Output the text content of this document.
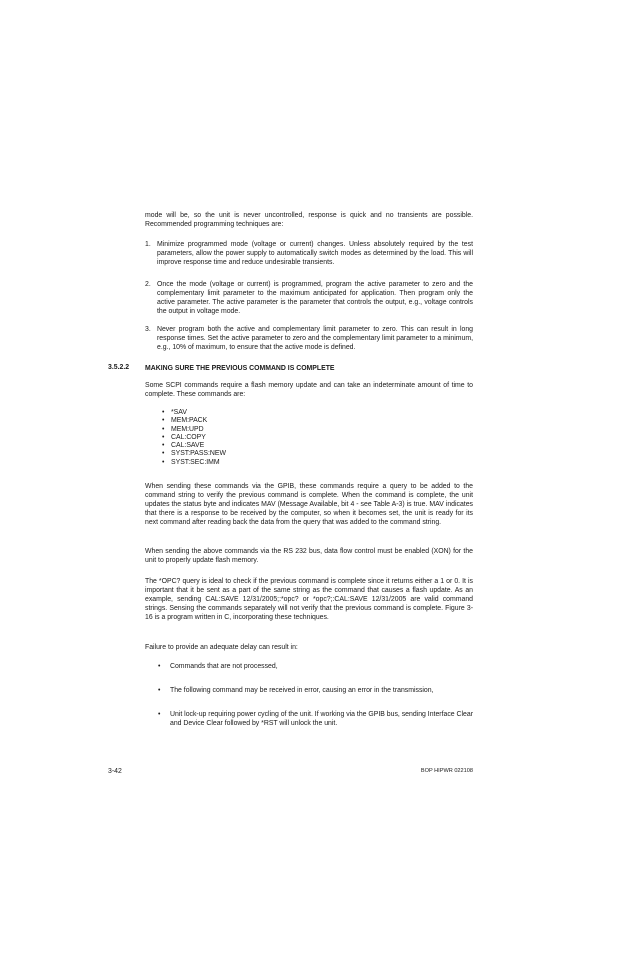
mode will be, so the unit is never uncontrolled, response is quick and no transients are possible. Recommended programming techniques are:

1. Minimize programmed mode (voltage or current) changes. Unless absolutely required by the test parameters, allow the power supply to automatically switch modes as determined by the load. This will improve response time and reduce undesirable transients.
2. Once the mode (voltage or current) is programmed, program the active parameter to zero and the complementary limit parameter to the maximum anticipated for application. Then program only the active parameter. The active parameter is the parameter that controls the output, e.g., voltage controls the output in voltage mode.
3. Never program both the active and complementary limit parameter to zero. This can result in long response times. Set the active parameter to zero and the complementary limit parameter to a minimum, e.g., 10% of maximum, to ensure that the active mode is defined.
3.5.2.2 MAKING SURE THE PREVIOUS COMMAND IS COMPLETE

Some SCPI commands require a flash memory update and can take an indeterminate amount of time to complete. These commands are:

• *SAV
• MEM:PACK
• MEM:UPD
• CAL:COPY
• CAL:SAVE
• SYST:PASS:NEW
• SYST:SEC:IMM

When sending these commands via the GPIB, these commands require a query to be added to the command string to verify the previous command is complete. When the command is complete, the unit updates the status byte and indicates MAV (Message Available, bit 4 - see Table A-3) is true. MAV indicates that there is a response to be received by the computer, so when it becomes set, the unit is ready for its next command after reading back the data from the query that was added to the command string.

When sending the above commands via the RS 232 bus, data flow control must be enabled (XON) for the unit to properly update flash memory.

The *OPC? query is ideal to check if the previous command is complete since it returns either a 1 or 0. It is important that it be sent as a part of the same string as the command that causes a flash update. As an example, sending CAL:SAVE 12/31/2005;:*opc? or *opc?;:CAL:SAVE 12/31/2005 are valid command strings. Sensing the commands separately will not verify that the previous command is complete. Figure 3-16 is a program written in C, incorporating these techniques.

Failure to provide an adequate delay can result in:

• Commands that are not processed,
• The following command may be received in error, causing an error in the transmission,
• Unit lock-up requiring power cycling of the unit. If working via the GPIB bus, sending Interface Clear and Device Clear followed by *RST will unlock the unit.
3-42	BOP HIPWR 022108
